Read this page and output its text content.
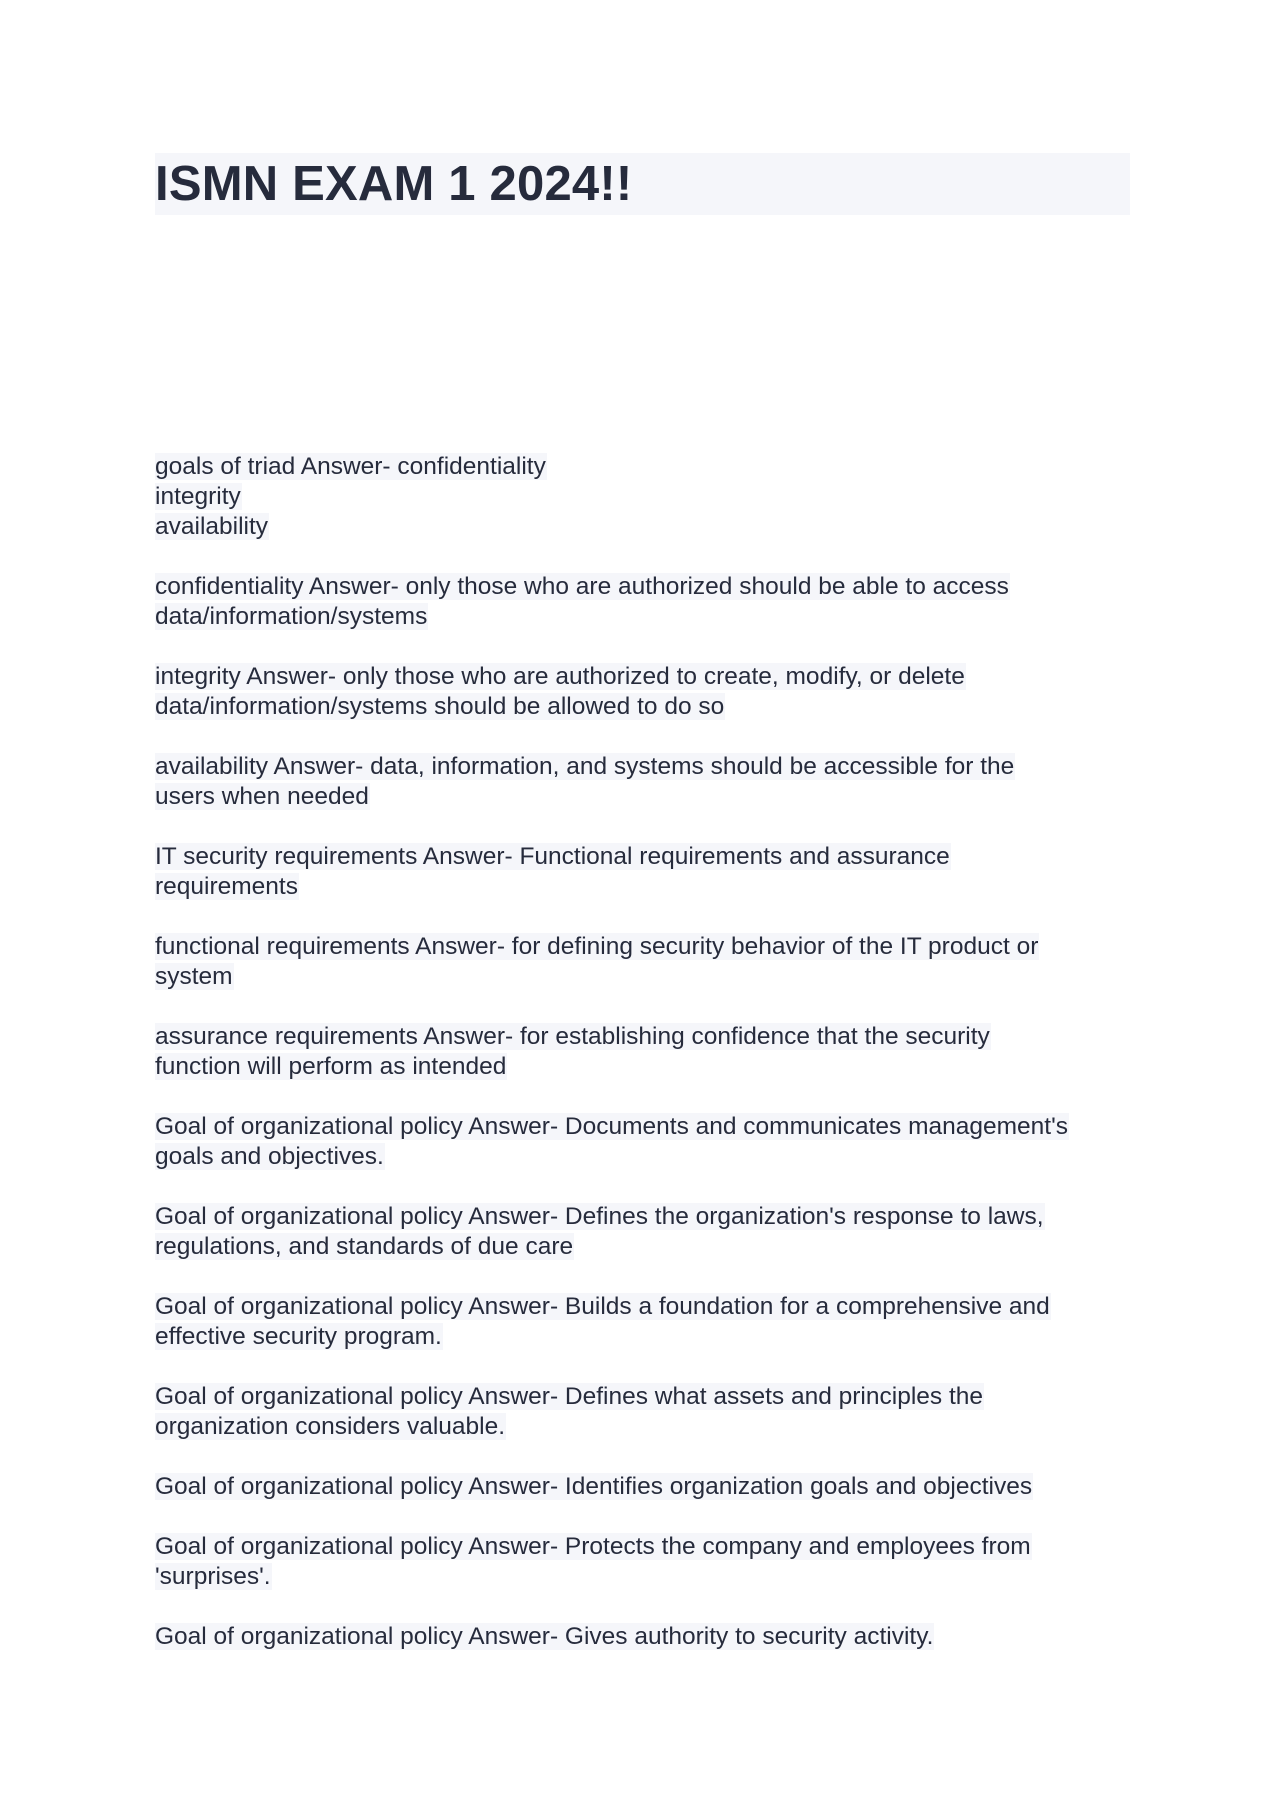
ISMN EXAM 1 2024!!
goals of triad Answer- confidentiality
integrity
availability
confidentiality Answer- only those who are authorized should be able to access
data/information/systems
integrity Answer- only those who are authorized to create, modify, or delete
data/information/systems should be allowed to do so
availability Answer- data, information, and systems should be accessible for the
users when needed
IT security requirements Answer- Functional requirements and assurance
requirements
functional requirements Answer- for defining security behavior of the IT product or
system
assurance requirements Answer- for establishing confidence that the security
function will perform as intended
Goal of organizational policy Answer- Documents and communicates management's
goals and objectives.
Goal of organizational policy Answer- Defines the organization's response to laws,
regulations, and standards of due care
Goal of organizational policy Answer- Builds a foundation for a comprehensive and
effective security program.
Goal of organizational policy Answer- Defines what assets and principles the
organization considers valuable.
Goal of organizational policy Answer- Identifies organization goals and objectives
Goal of organizational policy Answer- Protects the company and employees from
'surprises'.
Goal of organizational policy Answer- Gives authority to security activity.
